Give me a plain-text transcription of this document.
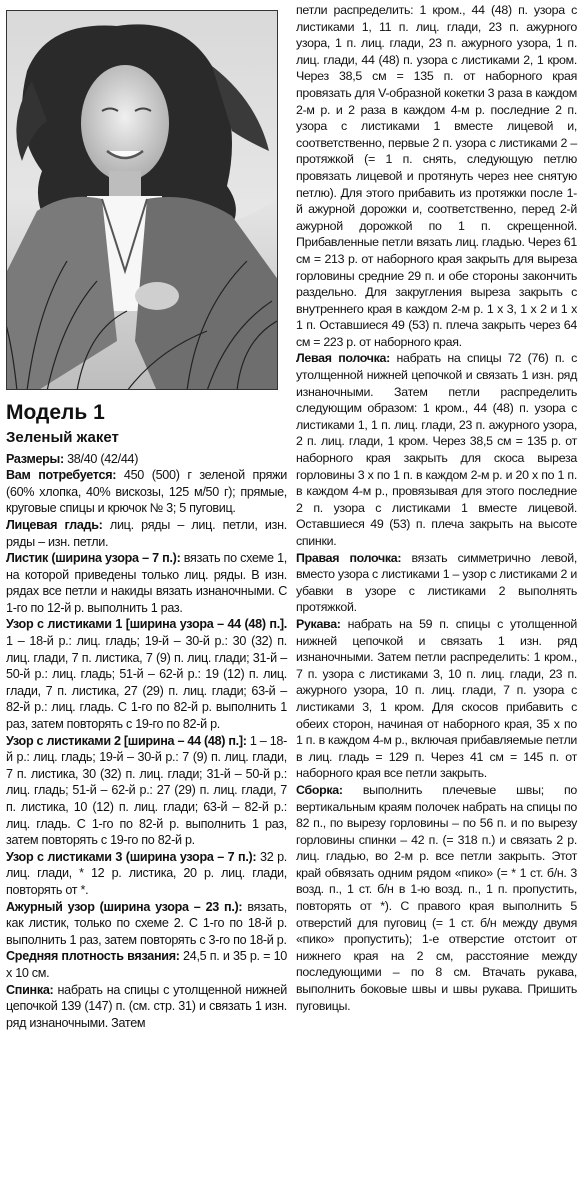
Модель 1
Зеленый жакет

Размеры: 38/40 (42/44)

Вам потребуется: 450 (500) г зеленой пряжи (60% хлопка, 40% вискозы, 125 м/50 г); прямые, круговые спицы и крючок № 3; 5 пуговиц.

Лицевая гладь: лиц. ряды – лиц. петли, изн. ряды – изн. петли.

Листик (ширина узора – 7 п.): вязать по схеме 1, на которой приведены только лиц. ряды. В изн. рядах все петли и накиды вязать изнаночными. С 1-го по 12-й р. выполнить 1 раз.

Узор с листиками 1 [ширина узора – 44 (48) п.]. 1 – 18-й р.: лиц. гладь; 19-й – 30-й р.: 30 (32) п. лиц. глади, 7 п. листика, 7 (9) п. лиц. глади; 31-й – 50-й р.: лиц. гладь; 51-й – 62-й р.: 19 (12) п. лиц. глади, 7 п. листика, 27 (29) п. лиц. глади; 63-й – 82-й р.: лиц. гладь. С 1-го по 82-й р. выполнить 1 раз, затем повторять с 19-го по 82-й р.

Узор с листиками 2 [ширина – 44 (48) п.]: 1 – 18-й р.: лиц. гладь; 19-й – 30-й р.: 7 (9) п. лиц. глади, 7 п. листика, 30 (32) п. лиц. глади; 31-й – 50-й р.: лиц. гладь; 51-й – 62-й р.: 27 (29) п. лиц. глади, 7 п. листика, 10 (12) п. лиц. глади; 63-й – 82-й р.: лиц. гладь. С 1-го по 82-й р. выполнить 1 раз, затем повторять с 19-го по 82-й р.

Узор с листиками 3 (ширина узора – 7 п.): 32 р. лиц. глади, * 12 р. листика, 20 р. лиц. глади, повторять от *.

Ажурный узор (ширина узора – 23 п.): вязать, как листик, только по схеме 2. С 1-го по 18-й р. выполнить 1 раз, затем повторять с 3-го по 18-й р.

Средняя плотность вязания: 24,5 п. и 35 р. = 10 х 10 см.

Спинка: набрать на спицы с утолщенной нижней цепочкой 139 (147) п. (см. стр. 31) и связать 1 изн. ряд изнаночными. Затем

петли распределить: 1 кром., 44 (48) п. узора с листиками 1, 11 п. лиц. глади, 23 п. ажурного узора, 1 п. лиц. глади, 23 п. ажурного узора, 1 п. лиц. глади, 44 (48) п. узора с листиками 2, 1 кром. Через 38,5 см = 135 п. от наборного края провязать для V-образной кокетки 3 раза в каждом 2-м р. и 2 раза в каждом 4-м р. последние 2 п. узора с листиками 1 вместе лицевой и, соответственно, первые 2 п. узора с листиками 2 – протяжкой (= 1 п. снять, следующую петлю провязать лицевой и протянуть через нее снятую петлю). Для этого прибавить из протяжки после 1-й ажурной дорожки и, соответственно, перед 2-й ажурной дорожкой по 1 п. скрещенной. Прибавленные петли вязать лиц. гладью. Через 61 см = 213 р. от наборного края закрыть для выреза горловины средние 29 п. и обе стороны закончить раздельно. Для закругления выреза закрыть с внутреннего края в каждом 2-м р. 1 х 3, 1 х 2 и 1 х 1 п. Оставшиеся 49 (53) п. плеча закрыть через 64 см = 223 р. от наборного края.

Левая полочка: набрать на спицы 72 (76) п. с утолщенной нижней цепочкой и связать 1 изн. ряд изнаночными. Затем петли распределить следующим образом: 1 кром., 44 (48) п. узора с листиками 1, 1 п. лиц. глади, 23 п. ажурного узора, 2 п. лиц. глади, 1 кром. Через 38,5 см = 135 р. от наборного края закрыть для скоса выреза горловины 3 х по 1 п. в каждом 2-м р. и 20 х по 1 п. в каждом 4-м р., провязывая для этого последние 2 п. узора с листиками 1 вместе лицевой. Оставшиеся 49 (53) п. плеча закрыть на высоте спинки.

Правая полочка: вязать симметрично левой, вместо узора с листиками 1 – узор с листиками 2 и убавки в узоре с листиками 2 выполнять протяжкой.

Рукава: набрать на 59 п. спицы с утолщенной нижней цепочкой и связать 1 изн. ряд изнаночными. Затем петли распределить: 1 кром., 7 п. узора с листиками 3, 10 п. лиц. глади, 23 п. ажурного узора, 10 п. лиц. глади, 7 п. узора с листиками 3, 1 кром. Для скосов прибавить с обеих сторон, начиная от наборного края, 35 х по 1 п. в каждом 4-м р., включая прибавляемые петли в лиц. гладь = 129 п. Через 41 см = 145 п. от наборного края все петли закрыть.

Сборка: выполнить плечевые швы; по вертикальным краям полочек набрать на спицы по 82 п., по вырезу горловины – по 56 п. и по вырезу горловины спинки – 42 п. (= 318 п.) и связать 2 р. лиц. гладью, во 2-м р. все петли закрыть. Этот край обвязать одним рядом «пико» (= * 1 ст. б/н. 3 возд. п., 1 ст. б/н в 1-ю возд. п., 1 п. пропустить, повторять от *). С правого края выполнить 5 отверстий для пуговиц (= 1 ст. б/н между двумя «пико» пропустить); 1-е отверстие отстоит от нижнего края на 2 см, расстояние между последующими – по 8 см. Втачать рукава, выполнить боковые швы и швы рукава. Пришить пуговицы.
